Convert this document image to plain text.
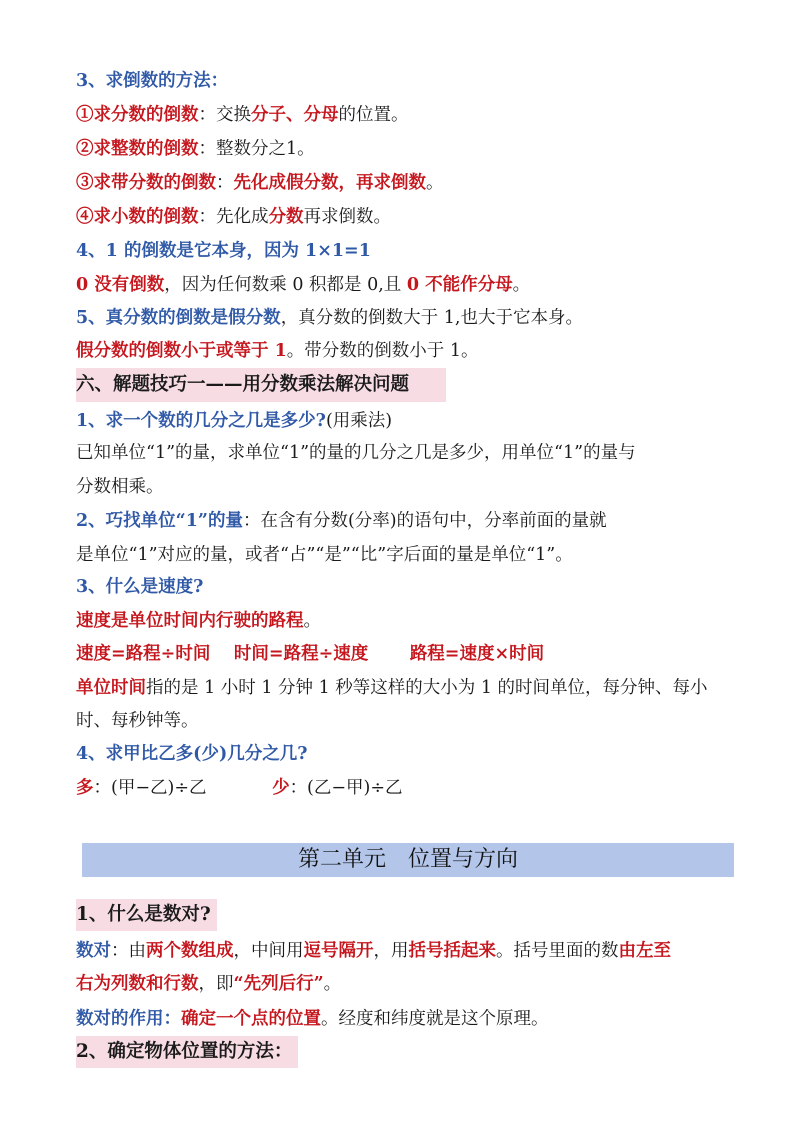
3、求倒数的方法：
①求分数的倒数：交换分子、分母的位置。
②求整数的倒数：整数分之1。
③求带分数的倒数：先化成假分数，再求倒数。
④求小数的倒数：先化成分数再求倒数。
4、1 的倒数是它本身，因为 1×1=1
0 没有倒数，因为任何数乘 0 积都是 0,且 0 不能作分母。
5、真分数的倒数是假分数，真分数的倒数大于 1,也大于它本身。
假分数的倒数小于或等于 1。带分数的倒数小于 1。
六、解题技巧一——用分数乘法解决问题
1、求一个数的几分之几是多少?(用乘法)
已知单位“1”的量，求单位“1”的量的几分之几是多少，用单位“1”的量与
分数相乘。
2、巧找单位“1”的量：在含有分数(分率)的语句中，分率前面的量就
是单位“1”对应的量，或者“占”“是”“比”字后面的量是单位“1”。
3、什么是速度?
速度是单位时间内行驶的路程。
速度=路程÷时间 时间=路程÷速度 路程=速度×时间
单位时间指的是 1 小时 1 分钟 1 秒等这样的大小为 1 的时间单位，每分钟、每小
时、每秒钟等。
4、求甲比乙多(少)几分之几?
多：(甲−乙)÷乙	少：(乙−甲)÷乙
第二单元　位置与方向
1、什么是数对?
数对：由两个数组成，中间用逗号隔开，用括号括起来。括号里面的数由左至
右为列数和行数，即“先列后行”。
数对的作用：确定一个点的位置。经度和纬度就是这个原理。
2、确定物体位置的方法：
